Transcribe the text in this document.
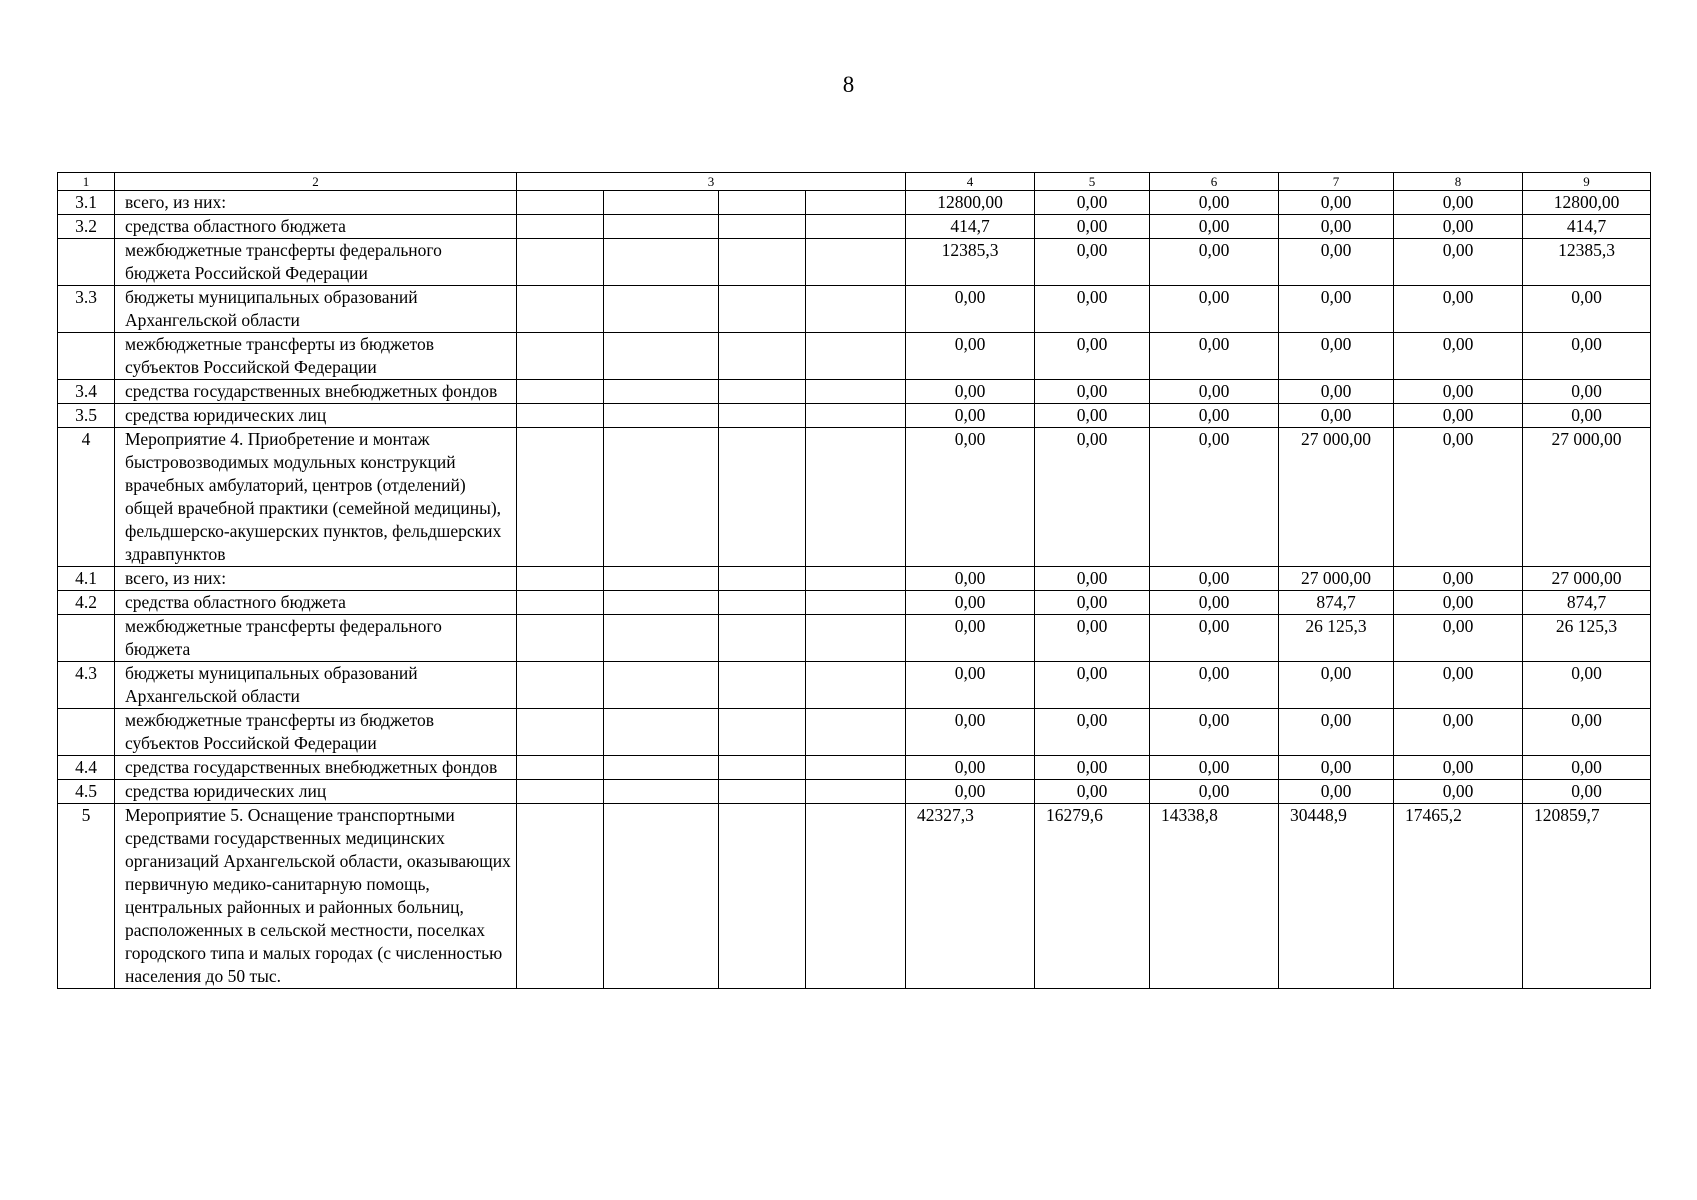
8
1	2	3				4	5	6	7	8	9
3.1	всего, из них:					12800,00	0,00	0,00	0,00	0,00	12800,00
3.2	средства областного бюджета					414,7	0,00	0,00	0,00	0,00	414,7
	межбюджетные трансферты федерального бюджета Российской Федерации					12385,3	0,00	0,00	0,00	0,00	12385,3
3.3	бюджеты муниципальных образований Архангельской области					0,00	0,00	0,00	0,00	0,00	0,00
	межбюджетные трансферты из бюджетов субъектов Российской Федерации					0,00	0,00	0,00	0,00	0,00	0,00
3.4	средства государственных внебюджетных фондов					0,00	0,00	0,00	0,00	0,00	0,00
3.5	средства юридических лиц					0,00	0,00	0,00	0,00	0,00	0,00
4	Мероприятие 4. Приобретение и монтаж быстровозводимых модульных конструкций врачебных амбулаторий, центров (отделений) общей врачебной практики (семейной медицины), фельдшерско-акушерских пунктов, фельдшерских здравпунктов					0,00	0,00	0,00	27 000,00	0,00	27 000,00
4.1	всего, из них:					0,00	0,00	0,00	27 000,00	0,00	27 000,00
4.2	средства областного бюджета					0,00	0,00	0,00	874,7	0,00	874,7
	межбюджетные трансферты федерального бюджета					0,00	0,00	0,00	26 125,3	0,00	26 125,3
4.3	бюджеты муниципальных образований Архангельской области					0,00	0,00	0,00	0,00	0,00	0,00
	межбюджетные трансферты из бюджетов субъектов Российской Федерации					0,00	0,00	0,00	0,00	0,00	0,00
4.4	средства государственных внебюджетных фондов					0,00	0,00	0,00	0,00	0,00	0,00
4.5	средства юридических лиц					0,00	0,00	0,00	0,00	0,00	0,00
5	Мероприятие 5. Оснащение транспортными средствами государственных медицинских организаций Архангельской области, оказывающих первичную медико-санитарную помощь, центральных районных и районных больниц, расположенных в сельской местности, поселках городского типа и малых городах (с численностью населения до 50 тыс.					42327,3	16279,6	14338,8	30448,9	17465,2	120859,7
